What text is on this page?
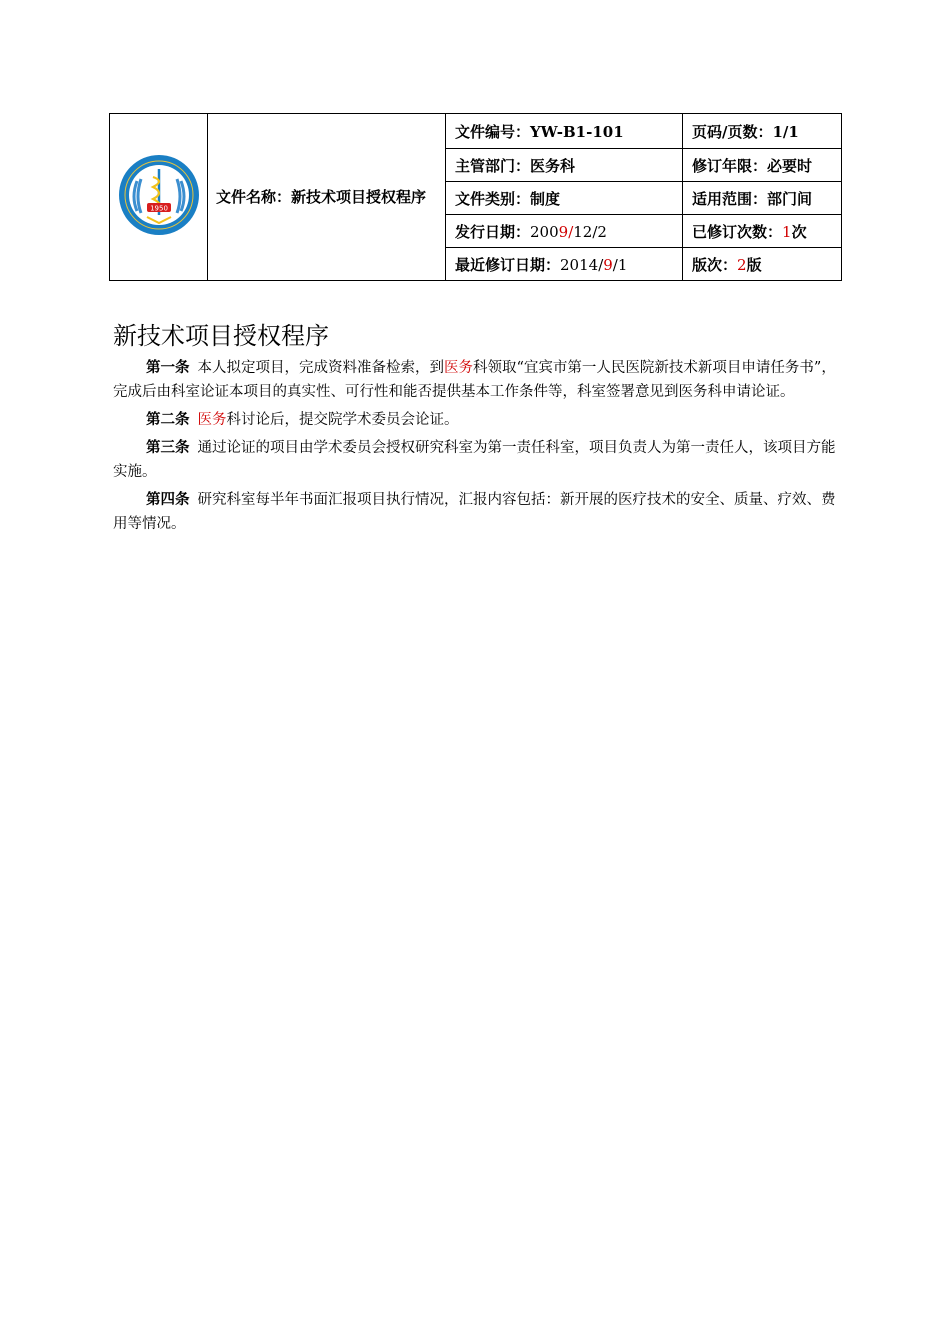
1950	文件名称：新技术项目授权程序	文件编号：YW-B1-101	页码/页数：1/1
		主管部门：医务科	修订年限：必要时
		文件类别：制度	适用范围：部门间
		发行日期：2009/12/2	已修订次数：1次
		最近修订日期：2014/9/1	版次：2版
新技术项目授权程序

第一条 本人拟定项目，完成资料准备检索，到医务科领取“宜宾市第一人民医院新技术新项目申请任务书”，完成后由科室论证本项目的真实性、可行性和能否提供基本工作条件等，科室签署意见到医务科申请论证。

第二条 医务科讨论后，提交院学术委员会论证。

第三条 通过论证的项目由学术委员会授权研究科室为第一责任科室，项目负责人为第一责任人，该项目方能实施。

第四条 研究科室每半年书面汇报项目执行情况，汇报内容包括：新开展的医疗技术的安全、质量、疗效、费用等情况。
